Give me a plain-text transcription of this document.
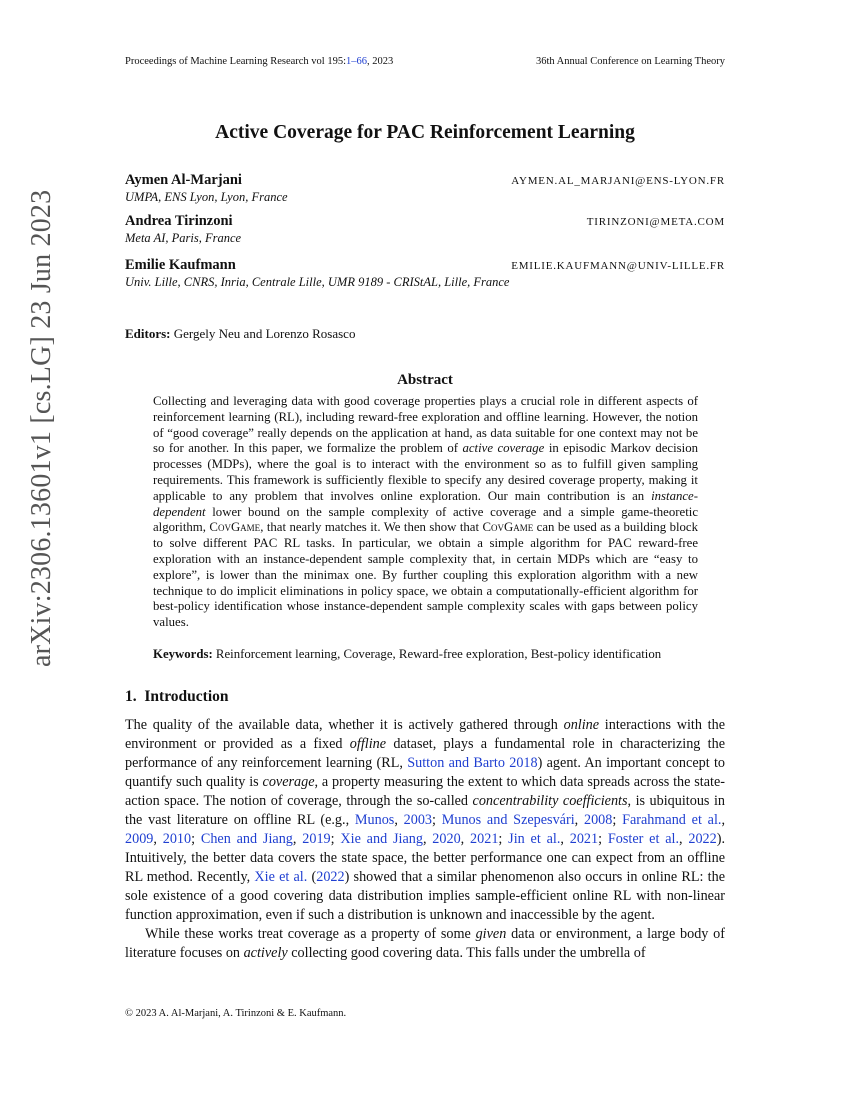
Proceedings of Machine Learning Research vol 195:1–66, 2023	36th Annual Conference on Learning Theory
arXiv:2306.13601v1 [cs.LG] 23 Jun 2023
Active Coverage for PAC Reinforcement Learning
Aymen Al-Marjani	AYMEN.AL_MARJANI@ENS-LYON.FR
UMPA, ENS Lyon, Lyon, France
Andrea Tirinzoni	TIRINZONI@META.COM
Meta AI, Paris, France
Emilie Kaufmann	EMILIE.KAUFMANN@UNIV-LILLE.FR
Univ. Lille, CNRS, Inria, Centrale Lille, UMR 9189 - CRIStAL, Lille, France
Editors: Gergely Neu and Lorenzo Rosasco
Abstract
Collecting and leveraging data with good coverage properties plays a crucial role in different aspects of reinforcement learning (RL), including reward-free exploration and offline learning. However, the notion of “good coverage” really depends on the application at hand, as data suitable for one context may not be so for another. In this paper, we formalize the problem of active coverage in episodic Markov decision processes (MDPs), where the goal is to interact with the environment so as to fulfill given sampling requirements. This framework is sufficiently flexible to specify any desired coverage property, making it applicable to any problem that involves online exploration. Our main contribution is an instance-dependent lower bound on the sample complexity of active coverage and a simple game-theoretic algorithm, CovGame, that nearly matches it. We then show that CovGame can be used as a building block to solve different PAC RL tasks. In particular, we obtain a simple algorithm for PAC reward-free exploration with an instance-dependent sample complexity that, in certain MDPs which are “easy to explore”, is lower than the minimax one. By further coupling this exploration algorithm with a new technique to do implicit eliminations in policy space, we obtain a computationally-efficient algorithm for best-policy identification whose instance-dependent sample complexity scales with gaps between policy values.
Keywords: Reinforcement learning, Coverage, Reward-free exploration, Best-policy identification
1. Introduction

The quality of the available data, whether it is actively gathered through online interactions with the environment or provided as a fixed offline dataset, plays a fundamental role in characterizing the performance of any reinforcement learning (RL, Sutton and Barto 2018) agent. An important concept to quantify such quality is coverage, a property measuring the extent to which data spreads across the state-action space. The notion of coverage, through the so-called concentrability coefficients, is ubiquitous in the vast literature on offline RL (e.g., Munos, 2003; Munos and Szepesvári, 2008; Farahmand et al., 2009, 2010; Chen and Jiang, 2019; Xie and Jiang, 2020, 2021; Jin et al., 2021; Foster et al., 2022). Intuitively, the better data covers the state space, the better performance one can expect from an offline RL method. Recently, Xie et al. (2022) showed that a similar phenomenon also occurs in online RL: the sole existence of a good covering data distribution implies sample-efficient online RL with non-linear function approximation, even if such a distribution is unknown and inaccessible by the agent.

While these works treat coverage as a property of some given data or environment, a large body of literature focuses on actively collecting good covering data. This falls under the umbrella of

© 2023 A. Al-Marjani, A. Tirinzoni & E. Kaufmann.
